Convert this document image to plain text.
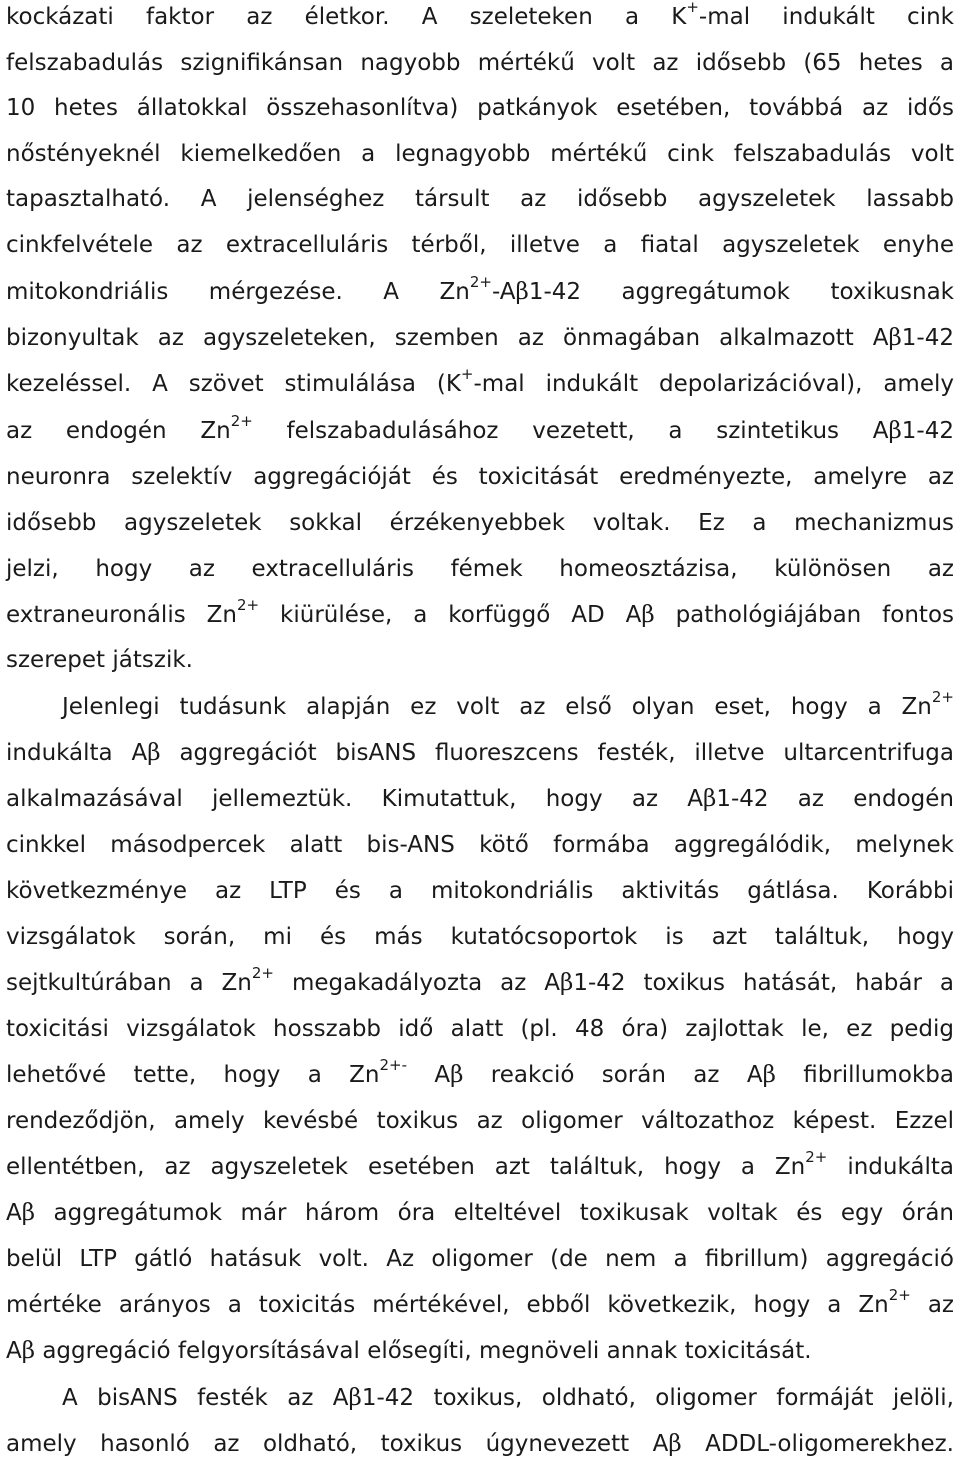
kockázati faktor az életkor. A szeleteken a K+-mal indukált cink
felszabadulás szignifikánsan nagyobb mértékű volt az idősebb (65 hetes a
10 hetes állatokkal összehasonlítva) patkányok esetében, továbbá az idős
nőstényeknél kiemelkedően a legnagyobb mértékű cink felszabadulás volt
tapasztalható. A jelenséghez társult az idősebb agyszeletek lassabb
cinkfelvétele az extracelluláris térből, illetve a fiatal agyszeletek enyhe
mitokondriális mérgezése. A $Zn^{2+}-A\beta 1-42$ aggregátumok toxikusnak
bizonyultak az agyszeleteken, szemben az önmagában alkalmazott Aβ1-42
kezeléssel. A szövet stimulálása (K+-mal indukált depolarizációval), amely
az endogén $Zn^{2+}$ felszabadulásához vezetett, a szintetikus Aβ1-42
neuronra szelektív aggregációját és toxicitását eredményezte, amelyre az
idősebb agyszeletek sokkal érzékenyebbek voltak. Ez a mechanizmus
jelzi, hogy az extracelluláris fémek homeosztázisa, különösen az
extraneuronális $Zn^{2+}$ kiürülése, a korfüggő AD Aβ pathológiájában fontos
szerepet játszik.
Jelenlegi tudásunk alapján ez volt az első olyan eset, hogy a $Zn^{2+}$
indukálta Aβ aggregációt bisANS fluoreszcens festék, illetve ultarcentrifuga
alkalmazásával jellemeztük. Kimutattuk, hogy az Aβ1-42 az endogén
cinkkel másodpercek alatt bis-ANS kötő formába aggregálódik, melynek
következménye az LTP és a mitokondriális aktivitás gátlása. Korábbi
vizsgálatok során, mi és más kutatócsoportok is azt találtuk, hogy
sejtkultúrában a $Zn^{2+}$ megakadályozta az Aβ1-42 toxikus hatását, habár a
toxicitási vizsgálatok hosszabb idő alatt (pl. 48 óra) zajlottak le, ez pedig
lehetővé tette, hogy a $Zn^{2+-}$ Aβ reakció során az Aβ fibrillumokba
rendeződjön, amely kevésbé toxikus az oligomer változathoz képest. Ezzel
ellentétben, az agyszeletek esetében azt találtuk, hogy a $Zn^{2+}$ indukálta
Aβ aggregátumok már három óra elteltével toxikusak voltak és egy órán
belül LTP gátló hatásuk volt. Az oligomer (de nem a fibrillum) aggregáció
mértéke arányos a toxicitás mértékével, ebből következik, hogy a $Zn^{2+}$ az
Aβ aggregáció felgyorsításával elősegíti, megnöveli annak toxicitását.
A bisANS festék az Aβ1-42 toxikus, oldható, oligomer formáját jelöli,
amely hasonló az oldható, toxikus úgynevezett Aβ ADDL-oligomerekhez.
